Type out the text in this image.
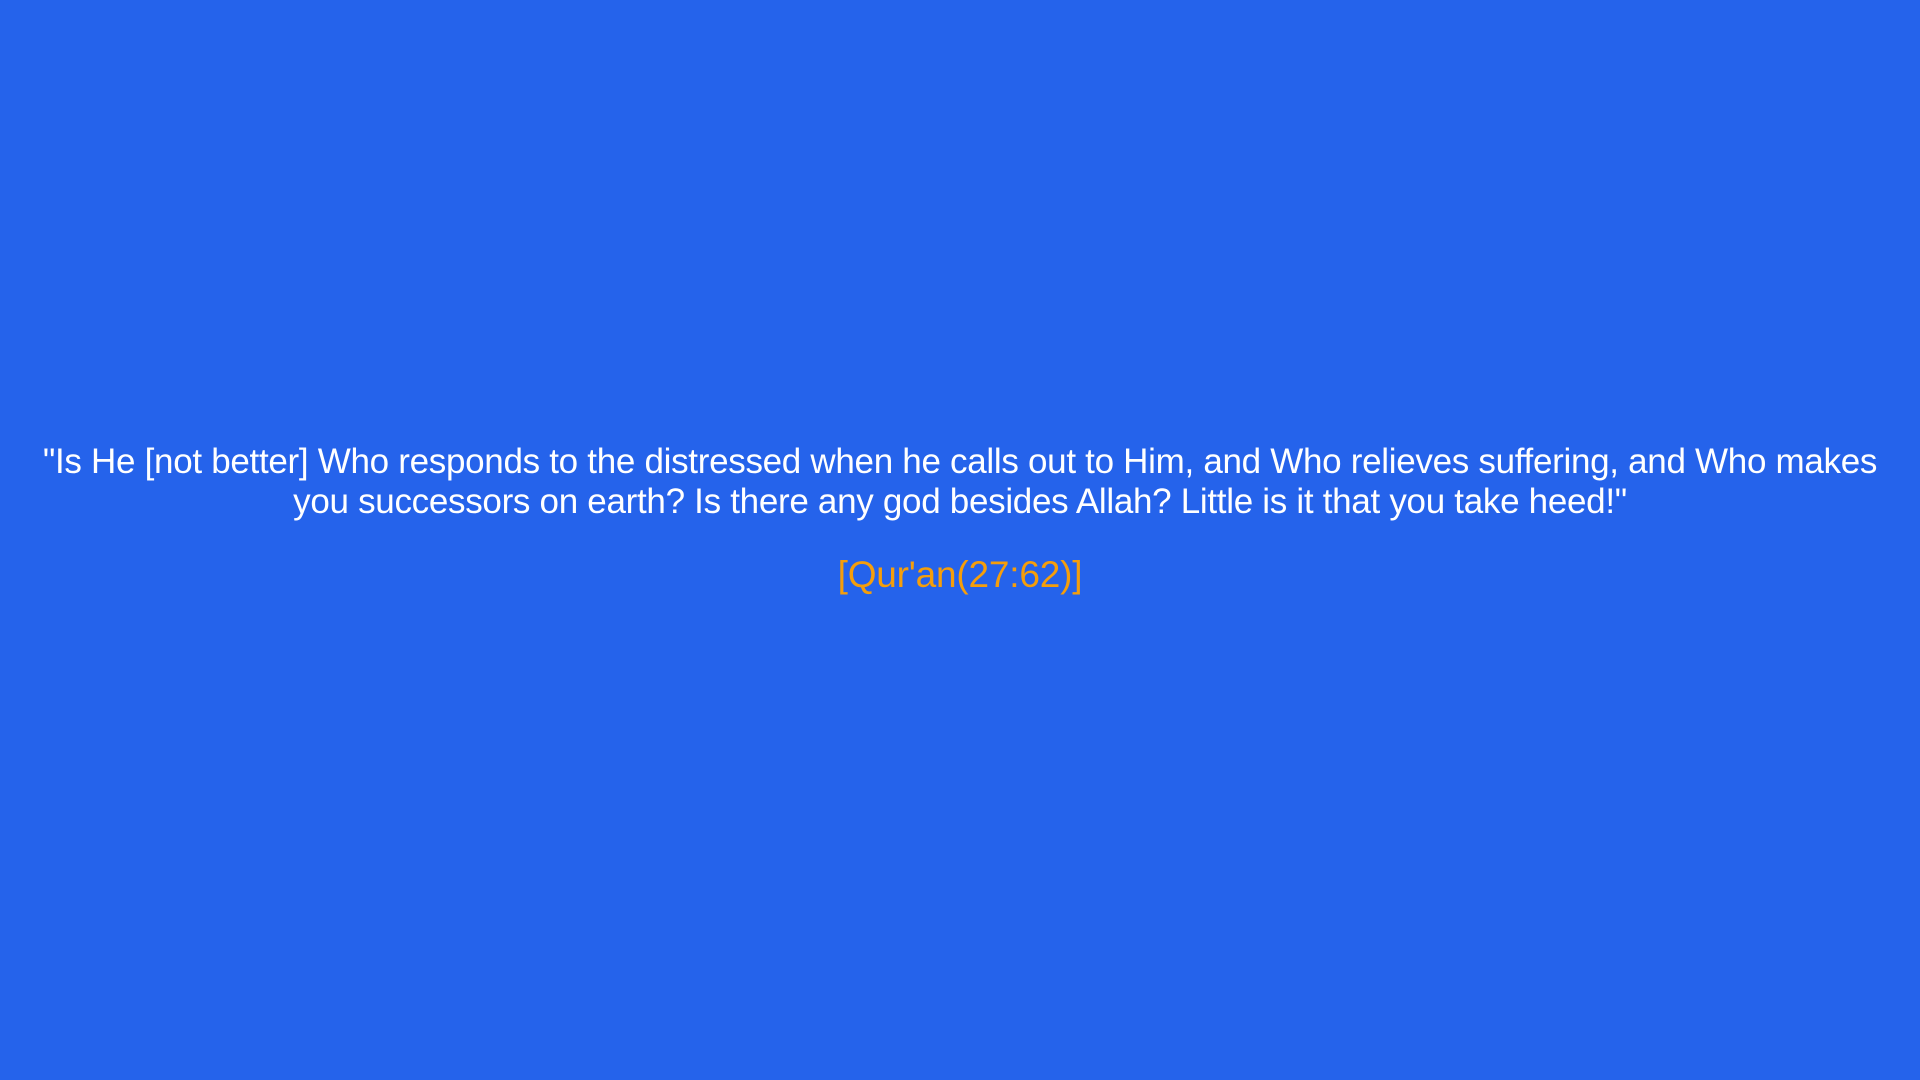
"Is He [not better] Who responds to the distressed when he calls out to Him, and Who relieves suffering, and Who makes you successors on earth? Is there any god besides Allah? Little is it that you take heed!"

[Qur'an(27:62)]
